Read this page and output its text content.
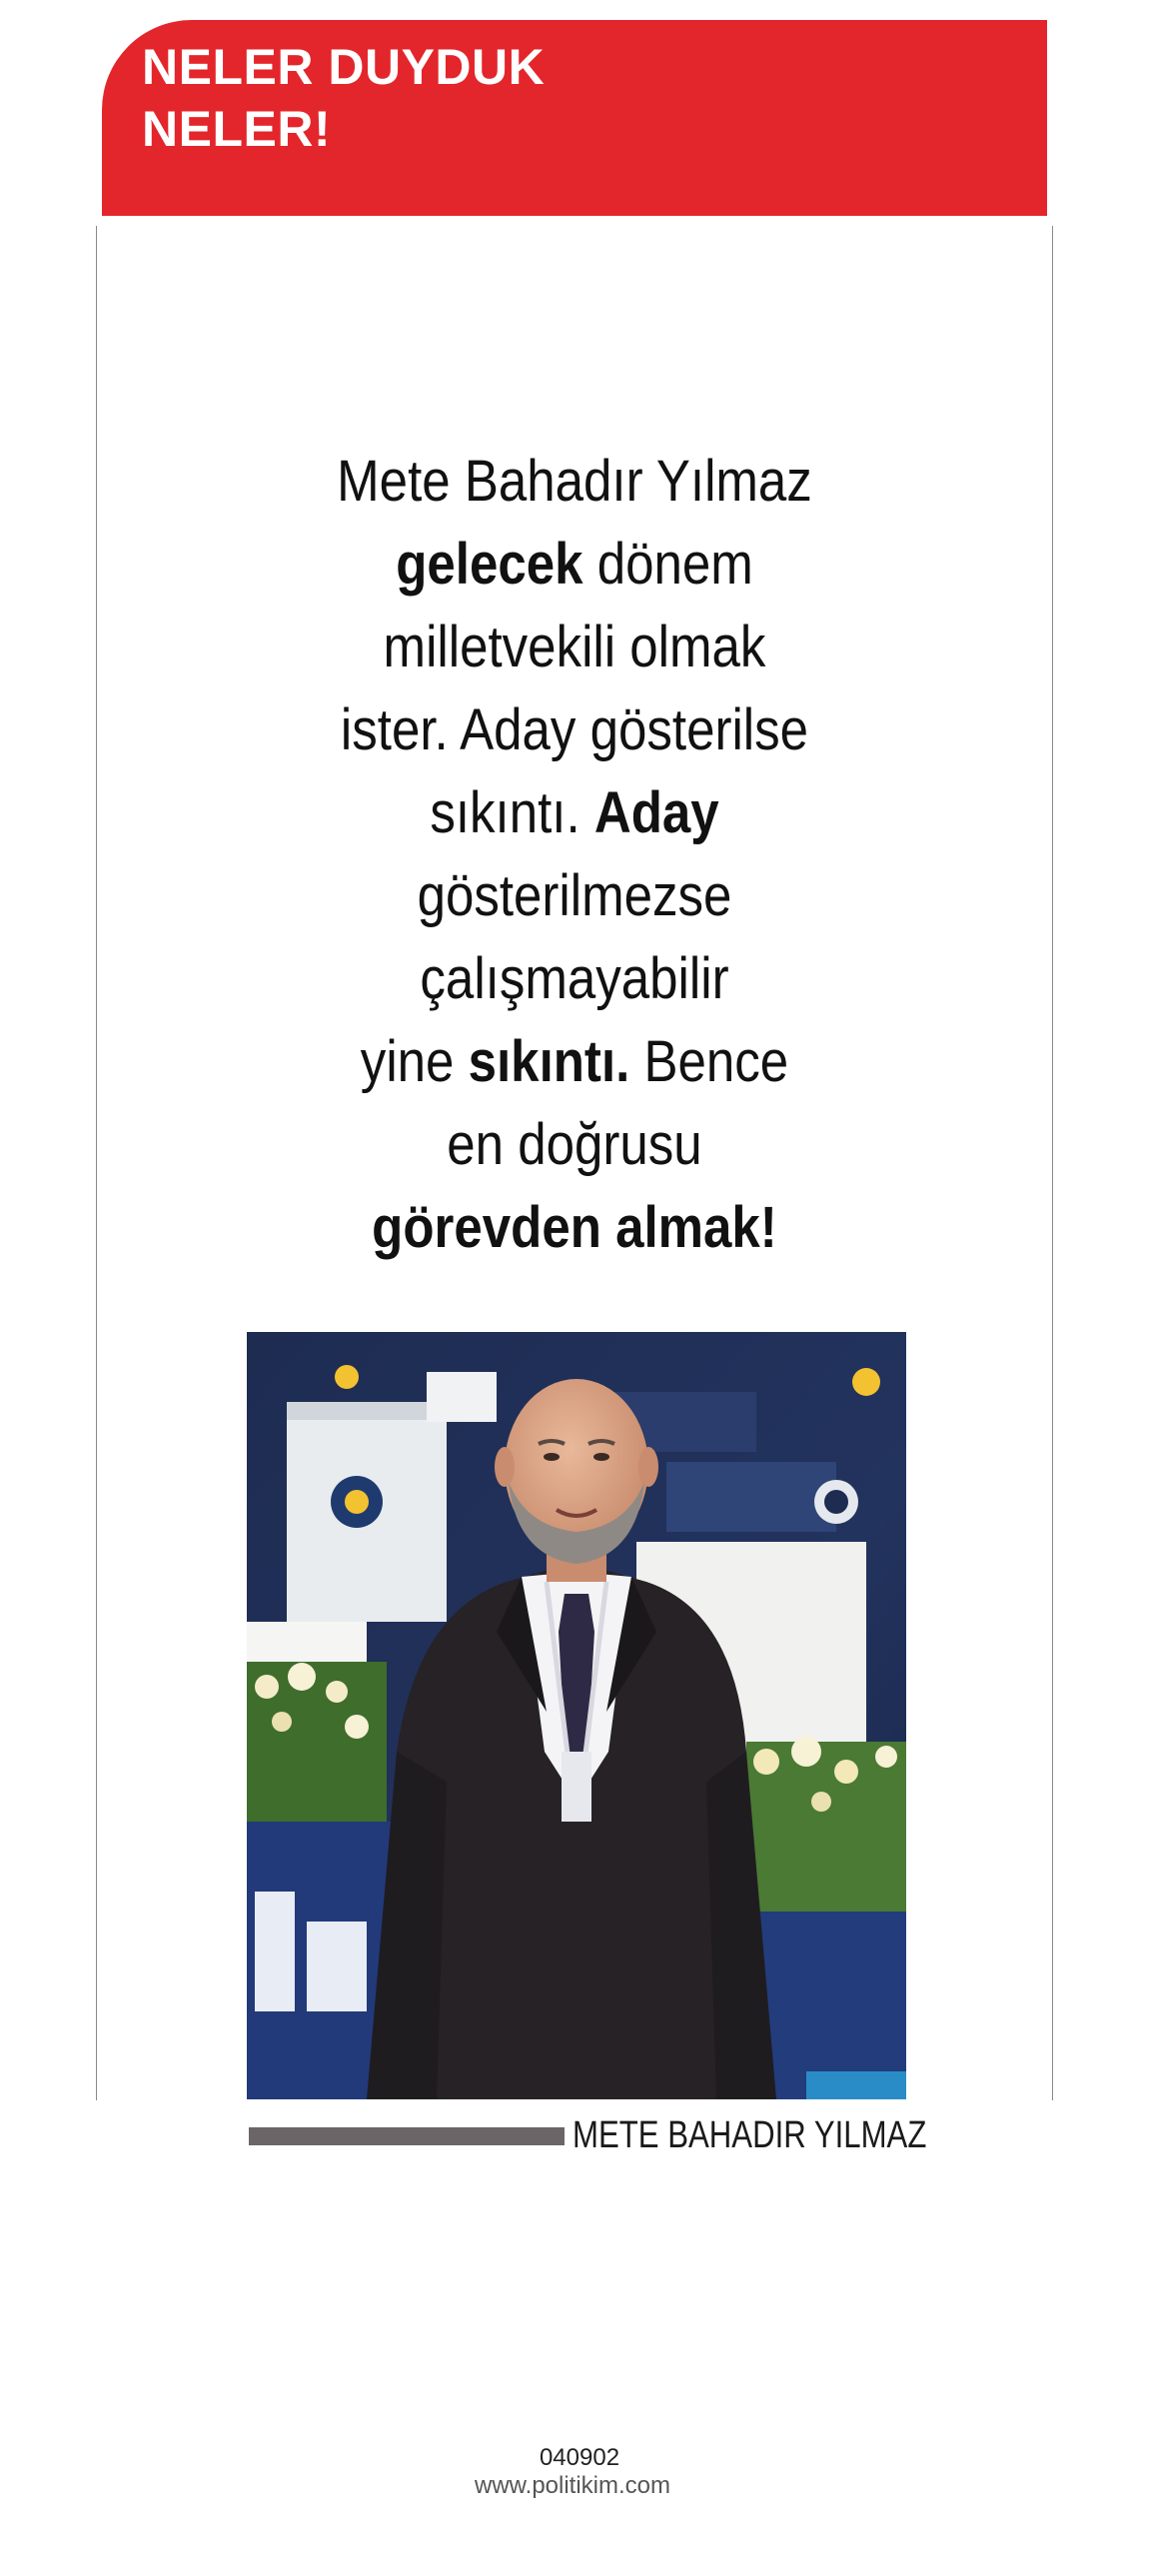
NELER DUYDUK
NELER!

Mete Bahadır Yılmaz
gelecek dönem
milletvekili olmak
ister. Aday gösterilse
sıkıntı. Aday
gösterilmezse
çalışmayabilir
yine sıkıntı. Bence
en doğrusu
görevden almak!

METE BAHADIR YILMAZ

040902
www.politikim.com
